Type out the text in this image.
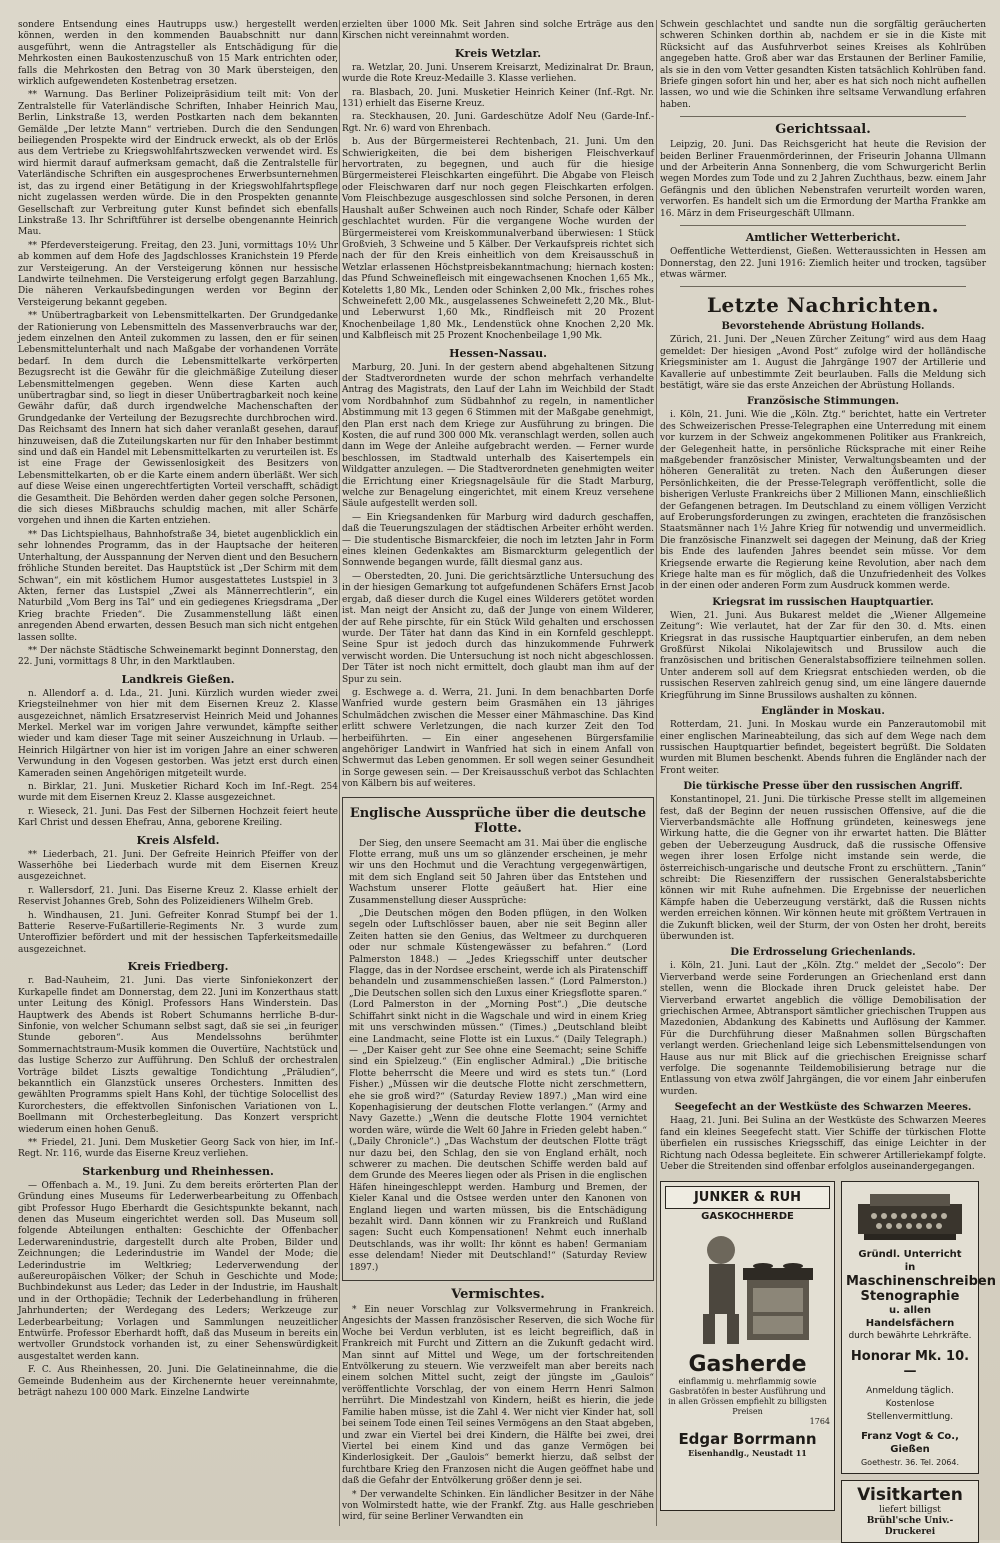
sondere Entsendung eines Hautrupps usw.) hergestellt werden können, werden in den kommenden Bauabschnitt nur dann ausgeführt, wenn die Antragsteller als Entschädigung für die Mehrkosten einen Baukostenzuschuß von 15 Mark entrichten oder, falls die Mehrkosten den Betrag von 30 Mark übersteigen, den wirklich aufgewendeten Kostenbetrag ersetzen.

** Warnung. Das Berliner Polizeipräsidium teilt mit: Von der Zentralstelle für Vaterländische Schriften, Inhaber Heinrich Mau, Berlin, Linkstraße 13, werden Postkarten nach dem bekannten Gemälde „Der letzte Mann“ vertrieben. Durch die den Sendungen beiliegenden Prospekte wird der Eindruck erweckt, als ob der Erlös aus dem Vertriebe zu Kriegswohlfahrtszwecken verwendet wird. Es wird hiermit darauf aufmerksam gemacht, daß die Zentralstelle für Vaterländische Schriften ein ausgesprochenes Erwerbsunternehmen ist, das zu irgend einer Betätigung in der Kriegswohlfahrtspflege nicht zugelassen werden würde. Die in den Prospekten genannte Gesellschaft zur Verbreitung guter Kunst befindet sich ebenfalls Linkstraße 13. Ihr Schriftführer ist derselbe obengenannte Heinrich Mau.

** Pferdeversteigerung. Freitag, den 23. Juni, vormittags 10½ Uhr ab kommen auf dem Hofe des Jagdschlosses Kranichstein 19 Pferde zur Versteigerung. An der Versteigerung können nur hessische Landwirte teilnehmen. Die Versteigerung erfolgt gegen Barzahlung. Die näheren Verkaufsbedingungen werden vor Beginn der Versteigerung bekannt gegeben.

** Unübertragbarkeit von Lebensmittelkarten. Der Grundgedanke der Rationierung von Lebensmitteln des Massenverbrauchs war der, jedem einzelnen den Anteil zukommen zu lassen, den er für seinen Lebensmittelunterhalt und nach Maßgabe der vorhandenen Vorräte bedarf. In dem durch die Lebensmittelkarte verkörperten Bezugsrecht ist die Gewähr für die gleichmäßige Zuteilung dieser Lebensmittelmengen gegeben. Wenn diese Karten auch unübertragbar sind, so liegt in dieser Unübertragbarkeit noch keine Gewähr dafür, daß durch irgendwelche Machenschaften der Grundgedanke der Verteilung der Bezugsrechte durchbrochen wird. Das Reichsamt des Innern hat sich daher veranlaßt gesehen, darauf hinzuweisen, daß die Zuteilungskarten nur für den Inhaber bestimmt sind und daß ein Handel mit Lebensmittelkarten zu verurteilen ist. Es ist eine Frage der Gewissenlosigkeit des Besitzers von Lebensmittelkarten, ob er die Karte einem andern überläßt. Wer sich auf diese Weise einen ungerechtfertigten Vorteil verschafft, schädigt die Gesamtheit. Die Behörden werden daher gegen solche Personen, die sich dieses Mißbrauchs schuldig machen, mit aller Schärfe vorgehen und ihnen die Karten entziehen.

** Das Lichtspielhaus, Bahnhofstraße 34, bietet augenblicklich ein sehr lohnendes Programm, das in der Hauptsache der heiteren Unterhaltung, der Ausspannung der Nerven dient und den Besuchern fröhliche Stunden bereitet. Das Hauptstück ist „Der Schirm mit dem Schwan“, ein mit köstlichem Humor ausgestattetes Lustspiel in 3 Akten, ferner das Lustspiel „Zwei als Männerrechtlerin“, ein Naturbild „Vom Berg ins Tal“ und ein gediegenes Kriegsdrama „Der Krieg brachte Frieden“. Die Zusammenstellung läßt einen anregenden Abend erwarten, dessen Besuch man sich nicht entgehen lassen sollte.

** Der nächste Städtische Schweinemarkt beginnt Donnerstag, den 22. Juni, vormittags 8 Uhr, in den Marktlauben.

Landkreis Gießen.

n. Allendorf a. d. Lda., 21. Juni. Kürzlich wurden wieder zwei Kriegsteilnehmer von hier mit dem Eisernen Kreuz 2. Klasse ausgezeichnet, nämlich Ersatzreservist Heinrich Meid und Johannes Merkel. Merkel war im vorigen Jahre verwundet, kämpfte seither wieder und kam dieser Tage mit seiner Auszeichnung in Urlaub. — Heinrich Hilgärtner von hier ist im vorigen Jahre an einer schweren Verwundung in den Vogesen gestorben. Was jetzt erst durch einen Kameraden seinen Angehörigen mitgeteilt wurde.

n. Birklar, 21. Juni. Musketier Richard Koch im Inf.-Regt. 254 wurde mit dem Eisernen Kreuz 2. Klasse ausgezeichnet.

r. Wieseck, 21. Juni. Das Fest der Silbernen Hochzeit feiert heute Karl Christ und dessen Ehefrau, Anna, geborene Kreiling.

Kreis Alsfeld.

** Liederbach, 21. Juni. Der Gefreite Heinrich Pfeiffer von der Wasserhöhe bei Liederbach wurde mit dem Eisernen Kreuz ausgezeichnet.

r. Wallersdorf, 21. Juni. Das Eiserne Kreuz 2. Klasse erhielt der Reservist Johannes Greb, Sohn des Polizeidieners Wilhelm Greb.

h. Windhausen, 21. Juni. Gefreiter Konrad Stumpf bei der 1. Batterie Reserve-Fußartillerie-Regiments Nr. 3 wurde zum Unteroffizier befördert und mit der hessischen Tapferkeitsmedaille ausgezeichnet.

Kreis Friedberg.

r. Bad-Nauheim, 21. Juni. Das vierte Sinfoniekonzert der Kurkapelle findet am Donnerstag, dem 22. Juni im Konzerthaus statt unter Leitung des Königl. Professors Hans Winderstein. Das Hauptwerk des Abends ist Robert Schumanns herrliche B-dur-Sinfonie, von welcher Schumann selbst sagt, daß sie sei „in feuriger Stunde geboren“. Aus Mendelssohns berühmter Sommernachtstraum-Musik kommen die Ouvertüre, Nachtstück und das lustige Scherzo zur Aufführung. Den Schluß der orchestralen Vorträge bildet Liszts gewaltige Tondichtung „Präludien“, bekanntlich ein Glanzstück unseres Orchesters. Inmitten des gewählten Programms spielt Hans Kohl, der tüchtige Solocellist des Kurorchesters, die effektvollen Sinfonischen Variationen von L. Boellmann mit Orchesterbegleitung. Das Konzert verspricht wiederum einen hohen Genuß.

** Friedel, 21. Juni. Dem Musketier Georg Sack von hier, im Inf.-Regt. Nr. 116, wurde das Eiserne Kreuz verliehen.

Starkenburg und Rheinhessen.

— Offenbach a. M., 19. Juni. Zu dem bereits erörterten Plan der Gründung eines Museums für Lederwerbearbeitung zu Offenbach gibt Professor Hugo Eberhardt die Gesichtspunkte bekannt, nach denen das Museum eingerichtet werden soll. Das Museum soll folgende Abteilungen enthalten: Geschichte der Offenbacher Lederwarenindustrie, dargestellt durch alte Proben, Bilder und Zeichnungen; die Lederindustrie im Wandel der Mode; die Lederindustrie im Weltkrieg; Lederverwendung der außereuropäischen Völker; der Schuh in Geschichte und Mode; Buchbindekunst aus Leder; das Leder in der Industrie, im Haushalt und in der Orthopädie; Technik der Lederbehandlung in früheren Jahrhunderten; der Werdegang des Leders; Werkzeuge zur Lederbearbeitung; Vorlagen und Sammlungen neuzeitlicher Entwürfe. Professor Eberhardt hofft, daß das Museum in bereits ein wertvoller Grundstock vorhanden ist, zu einer Sehenswürdigkeit ausgestaltet werden kann.

F. C. Aus Rheinhessen, 20. Juni. Die Gelatineinnahme, die die Gemeinde Budenheim aus der Kirchenernte heuer vereinnahmte, beträgt nahezu 100 000 Mark. Einzelne Landwirte

erzielten über 1000 Mk. Seit Jahren sind solche Erträge aus den Kirschen nicht vereinnahmt worden.

Kreis Wetzlar.

ra. Wetzlar, 20. Juni. Unserem Kreisarzt, Medizinalrat Dr. Braun, wurde die Rote Kreuz-Medaille 3. Klasse verliehen.

ra. Blasbach, 20. Juni. Musketier Heinrich Keiner (Inf.-Rgt. Nr. 131) erhielt das Eiserne Kreuz.

ra. Steckhausen, 20. Juni. Gardeschütze Adolf Neu (Garde-Inf.-Rgt. Nr. 6) ward von Ehrenbach.

b. Aus der Bürgermeisterei Rechtenbach, 21. Juni. Um den Schwierigkeiten, die bei dem bisherigen Fleischverkauf hervortraten, zu begegnen, und auch für die hiesige Bürgermeisterei Fleischkarten eingeführt. Die Abgabe von Fleisch oder Fleischwaren darf nur noch gegen Fleischkarten erfolgen. Vom Fleischbezuge ausgeschlossen sind solche Personen, in deren Haushalt außer Schweinen auch noch Rinder, Schafe oder Kälber geschlachtet wurden. Für die vergangene Woche wurden der Bürgermeisterei vom Kreiskommunalverband überwiesen: 1 Stück Großvieh, 3 Schweine und 5 Kälber. Der Verkaufspreis richtet sich nach der für den Kreis einheitlich von dem Kreisausschuß in Wetzlar erlassenen Höchstpreisbekanntmachung; hiernach kosten: das Pfund Schweinefleisch mit eingewachsenen Knochen 1,65 Mk., Koteletts 1,80 Mk., Lenden oder Schinken 2,00 Mk., frisches rohes Schweinefett 2,00 Mk., ausgelassenes Schweinefett 2,20 Mk., Blut- und Leberwurst 1,60 Mk., Rindfleisch mit 20 Prozent Knochenbeilage 1,80 Mk., Lendenstück ohne Knochen 2,20 Mk. und Kalbfleisch mit 25 Prozent Knochenbeilage 1,90 Mk.

Hessen-Nassau.

Marburg, 20. Juni. In der gestern abend abgehaltenen Sitzung der Stadtverordneten wurde der schon mehrfach verhandelte Antrag des Magistrats, den Lauf der Lahn im Weichbild der Stadt vom Nordbahnhof zum Südbahnhof zu regeln, in namentlicher Abstimmung mit 13 gegen 6 Stimmen mit der Maßgabe genehmigt, den Plan erst nach dem Kriege zur Ausführung zu bringen. Die Kosten, die auf rund 300 000 Mk. veranschlagt werden, sollen auch dann im Wege der Anleihe aufgebracht werden. — Ferner wurde beschlossen, im Stadtwald unterhalb des Kaisertempels ein Wildgatter anzulegen. — Die Stadtverordneten genehmigten weiter die Errichtung einer Kriegsnagelsäule für die Stadt Marburg, welche zur Benagelung eingerichtet, mit einem Kreuz versehene Säule aufgestellt werden soll.

— Ein Kriegsandenken für Marburg wird dadurch geschaffen, daß die Teuerungszulagen der städtischen Arbeiter erhöht werden. — Die studentische Bismarckfeier, die noch im letzten Jahr in Form eines kleinen Gedenkaktes am Bismarckturm gelegentlich der Sonnwende begangen wurde, fällt diesmal ganz aus.

— Oberstedten, 20. Juni. Die gerichtsärztliche Untersuchung des in der hiesigen Gemarkung tot aufgefundenen Schäfers Ernst Jacob ergab, daß dieser durch die Kugel eines Wilderers getötet worden ist. Man neigt der Ansicht zu, daß der Junge von einem Wilderer, der auf Rehe pirschte, für ein Stück Wild gehalten und erschossen wurde. Der Täter hat dann das Kind in ein Kornfeld geschleppt. Seine Spur ist jedoch durch das hinzukommende Fuhrwerk verwischt worden. Die Untersuchung ist noch nicht abgeschlossen. Der Täter ist noch nicht ermittelt, doch glaubt man ihm auf der Spur zu sein.

g. Eschwege a. d. Werra, 21. Juni. In dem benachbarten Dorfe Wanfried wurde gestern beim Grasmähen ein 13 jähriges Schulmädchen zwischen die Messer einer Mähmaschine. Das Kind erlitt schwere Verletzungen, die nach kurzer Zeit den Tod herbeiführten. — Ein einer angesehenen Bürgersfamilie angehöriger Landwirt in Wanfried hat sich in einem Anfall von Schwermut das Leben genommen. Er soll wegen seiner Gesundheit in Sorge gewesen sein. — Der Kreisausschuß verbot das Schlachten von Kälbern bis auf weiteres.

Englische Aussprüche über die deutsche Flotte.

Der Sieg, den unsere Seemacht am 31. Mai über die englische Flotte errang, muß uns um so glänzender erscheinen, je mehr wir uns den Hochmut und die Verachtung vergegenwärtigen, mit dem sich England seit 50 Jahren über das Entstehen und Wachstum unserer Flotte geäußert hat. Hier eine Zusammenstellung dieser Aussprüche:

„Die Deutschen mögen den Boden pflügen, in den Wolken segeln oder Luftschlösser bauen, aber nie seit Beginn aller Zeiten hatten sie den Genius, das Weltmeer zu durchqueren oder nur schmale Küstengewässer zu befahren.“ (Lord Palmerston 1848.) — „Jedes Kriegsschiff unter deutscher Flagge, das in der Nordsee erscheint, werde ich als Piratenschiff behandeln und zusammenschießen lassen.“ (Lord Palmerston.) „Die Deutschen sollen sich den Luxus einer Kriegsflotte sparen.“ (Lord Palmerston in der „Morning Post“.) „Die deutsche Schiffahrt sinkt nicht in die Wagschale und wird in einem Krieg mit uns verschwinden müssen.“ (Times.) „Deutschland bleibt eine Landmacht, seine Flotte ist ein Luxus.“ (Daily Telegraph.) — „Der Kaiser geht zur See ohne eine Seemacht; seine Schiffe sind ein Spielzeug.“ (Ein englischer Admiral.) „Die britische Flotte beherrscht die Meere und wird es stets tun.“ (Lord Fisher.) „Müssen wir die deutsche Flotte nicht zerschmettern, ehe sie groß wird?“ (Saturday Review 1897.) „Man wird eine Kopenhagisierung der deutschen Flotte verlangen.“ (Army and Navy Gazette.) „Wenn die deutsche Flotte 1904 vernichtet worden wäre, würde die Welt 60 Jahre in Frieden gelebt haben.“ („Daily Chronicle“.) „Das Wachstum der deutschen Flotte trägt nur dazu bei, den Schlag, den sie von England erhält, noch schwerer zu machen. Die deutschen Schiffe werden bald auf dem Grunde des Meeres liegen oder als Prisen in die englischen Häfen hineingeschleppt werden. Hamburg und Bremen, der Kieler Kanal und die Ostsee werden unter den Kanonen von England liegen und warten müssen, bis die Entschädigung bezahlt wird. Dann können wir zu Frankreich und Rußland sagen: Sucht euch Kompensationen! Nehmt euch innerhalb Deutschlands, was ihr wollt: Ihr könnt es haben! Germaniam esse delendam! Nieder mit Deutschland!“ (Saturday Review 1897.)

Vermischtes.

* Ein neuer Vorschlag zur Volksvermehrung in Frankreich. Angesichts der Massen französischer Reserven, die sich Woche für Woche bei Verdun verbluten, ist es leicht begreiflich, daß in Frankreich mit Furcht und Zittern an die Zukunft gedacht wird. Man sinnt auf Mittel und Wege, um der fortschreitenden Entvölkerung zu steuern. Wie verzweifelt man aber bereits nach einem solchen Mittel sucht, zeigt der jüngste im „Gaulois“ veröffentlichte Vorschlag, der von einem Herrn Henri Salmon herrührt. Die Mindestzahl von Kindern, heißt es hierin, die jede Familie haben müsse, ist die Zahl 4. Wer nicht vier Kinder hat, soll bei seinem Tode einen Teil seines Vermögens an den Staat abgeben, und zwar ein Viertel bei drei Kindern, die Hälfte bei zwei, drei Viertel bei einem Kind und das ganze Vermögen bei Kinderlosigkeit. Der „Gaulois“ bemerkt hierzu, daß selbst der furchtbare Krieg den Franzosen nicht die Augen geöffnet habe und daß die Gefahr der Entvölkerung größer denn je sei.

* Der verwandelte Schinken. Ein ländlicher Besitzer in der Nähe von Wolmirstedt hatte, wie der Frankf. Ztg. aus Halle geschrieben wird, für seine Berliner Verwandten ein

Schwein geschlachtet und sandte nun die sorgfältig geräucherten schweren Schinken dorthin ab, nachdem er sie in die Kiste mit Rücksicht auf das Ausfuhrverbot seines Kreises als Kohlrüben angegeben hatte. Groß aber war das Erstaunen der Berliner Familie, als sie in den vom Vetter gesandten Kisten tatsächlich Kohlrüben fand. Briefe gingen sofort hin und her, aber es hat sich noch nicht aufhellen lassen, wo und wie die Schinken ihre seltsame Verwandlung erfahren haben.

Gerichtssaal.

Leipzig, 20. Juni. Das Reichsgericht hat heute die Revision der beiden Berliner Frauenmörderinnen, der Friseurin Johanna Ullmann und der Arbeiterin Anna Sonnenberg, die vom Schwurgericht Berlin wegen Mordes zum Tode und zu 2 Jahren Zuchthaus, bezw. einem Jahr Gefängnis und den üblichen Nebenstrafen verurteilt worden waren, verworfen. Es handelt sich um die Ermordung der Martha Frankke am 16. März in dem Friseurgeschäft Ullmann.

Amtlicher Wetterbericht.

Oeffentliche Wetterdienst, Gießen. Wetteraussichten in Hessen am Donnerstag, den 22. Juni 1916: Ziemlich heiter und trocken, tagsüber etwas wärmer.

Letzte Nachrichten.
Bevorstehende Abrüstung Hollands.

Zürich, 21. Juni. Der „Neuen Zürcher Zeitung“ wird aus dem Haag gemeldet: Der hiesigen „Avond Post“ zufolge wird der holländische Kriegsminister am 1. August die Jahrgänge 1907 der Artillerie und Kavallerie auf unbestimmte Zeit beurlauben. Falls die Meldung sich bestätigt, wäre sie das erste Anzeichen der Abrüstung Hollands.

Französische Stimmungen.

i. Köln, 21. Juni. Wie die „Köln. Ztg.“ berichtet, hatte ein Vertreter des Schweizerischen Presse-Telegraphen eine Unterredung mit einem vor kurzem in der Schweiz angekommenen Politiker aus Frankreich, der Gelegenheit hatte, in persönliche Rücksprache mit einer Reihe maßgebender französischer Minister, Verwaltungsbeamten und der höheren Generalität zu treten. Nach den Äußerungen dieser Persönlichkeiten, die der Presse-Telegraph veröffentlicht, solle die bisherigen Verluste Frankreichs über 2 Millionen Mann, einschließlich der Gefangenen betragen. Im Deutschland zu einem völligen Verzicht auf Eroberungsforderungen zu zwingen, erachteten die französischen Staatsmänner nach 1½ Jahre Krieg für notwendig und unvermeidlich. Die französische Finanzwelt sei dagegen der Meinung, daß der Krieg bis Ende des laufenden Jahres beendet sein müsse. Vor dem Kriegsende erwarte die Regierung keine Revolution, aber nach dem Kriege halte man es für möglich, daß die Unzufriedenheit des Volkes in der einen oder anderen Form zum Ausdruck kommen werde.

Kriegsrat im russischen Hauptquartier.

Wien, 21. Juni. Aus Bukarest meldet die „Wiener Allgemeine Zeitung“: Wie verlautet, hat der Zar für den 30. d. Mts. einen Kriegsrat in das russische Hauptquartier einberufen, an dem neben Großfürst Nikolai Nikolajewitsch und Brussilow auch die französischen und britischen Generalstabsoffiziere teilnehmen sollen. Unter anderem soll auf dem Kriegsrat entschieden werden, ob die russischen Reserven zahlreich genug sind, um eine längere dauernde Kriegführung im Sinne Brussilows aushalten zu können.

Engländer in Moskau.

Rotterdam, 21. Juni. In Moskau wurde ein Panzerautomobil mit einer englischen Marineabteilung, das sich auf dem Wege nach dem russischen Hauptquartier befindet, begeistert begrüßt. Die Soldaten wurden mit Blumen beschenkt. Abends fuhren die Engländer nach der Front weiter.

Die türkische Presse über den russischen Angriff.

Konstantinopel, 21. Juni. Die türkische Presse stellt im allgemeinen fest, daß der Beginn der neuen russischen Offensive, auf die die Vierverbandsmächte alle Hoffnung gründeten, keineswegs jene Wirkung hatte, die die Gegner von ihr erwartet hatten. Die Blätter geben der Ueberzeugung Ausdruck, daß die russische Offensive wegen ihrer losen Erfolge nicht imstande sein werde, die österreichisch-ungarische und deutsche Front zu erschüttern. „Tanin“ schreibt: Die Riesenziffern der russischen Generalstabsberichte können wir mit Ruhe aufnehmen. Die Ergebnisse der neuerlichen Kämpfe haben die Ueberzeugung verstärkt, daß die Russen nichts werden erreichen können. Wir können heute mit größtem Vertrauen in die Zukunft blicken, weil der Sturm, der von Osten her droht, bereits überwunden ist.

Die Erdrosselung Griechenlands.

i. Köln, 21. Juni. Laut der „Köln. Ztg.“ meldet der „Secolo“: Der Vierverband werde seine Forderungen an Griechenland erst dann stellen, wenn die Blockade ihren Druck geleistet habe. Der Vierverband erwartet angeblich die völlige Demobilisation der griechischen Armee, Abtransport sämtlicher griechischen Truppen aus Mazedonien, Abdankung des Kabinetts und Auflösung der Kammer. Für die Durchführung dieser Maßnahmen sollen Bürgschaften verlangt werden. Griechenland leige sich Lebensmittelsendungen von Hause aus nur mit Blick auf die griechischen Ereignisse scharf verfolge. Die sogenannte Teildemobilisierung betrage nur die Entlassung von etwa zwölf Jahrgängen, die vor einem Jahr einberufen wurden.

Seegefecht an der Westküste des Schwarzen Meeres.

Haag, 21. Juni. Bei Sulina an der Westküste des Schwarzen Meeres fand ein kleines Seegefecht statt. Vier Schiffe der türkischen Flotte überfielen ein russisches Kriegsschiff, das einige Leichter in der Richtung nach Odessa begleitete. Ein schwerer Artilleriekampf folgte. Ueber die Streitenden sind offenbar erfolglos auseinandergegangen.

JUNKER & RUH
GASKOCHHERDE
Gasherde
einflammig u. mehrflammig sowie Gasbratöfen in bester Ausführung und in allen Grössen empfiehlt zu billigsten Preisen
1764
Edgar Borrmann
Eisenhandlg., Neustadt 11
Gründl. Unterricht
in
Maschinenschreiben
Stenographie
u. allen Handelsfächern
durch bewährte Lehrkräfte.
Honorar Mk. 10.—
Anmeldung täglich. Kostenlose Stellenvermittlung.
Franz Vogt & Co., Gießen
Goethestr. 36. Tel. 2064.
Visitkarten
liefert billigst
Brühl'sche Univ.-Druckerei
